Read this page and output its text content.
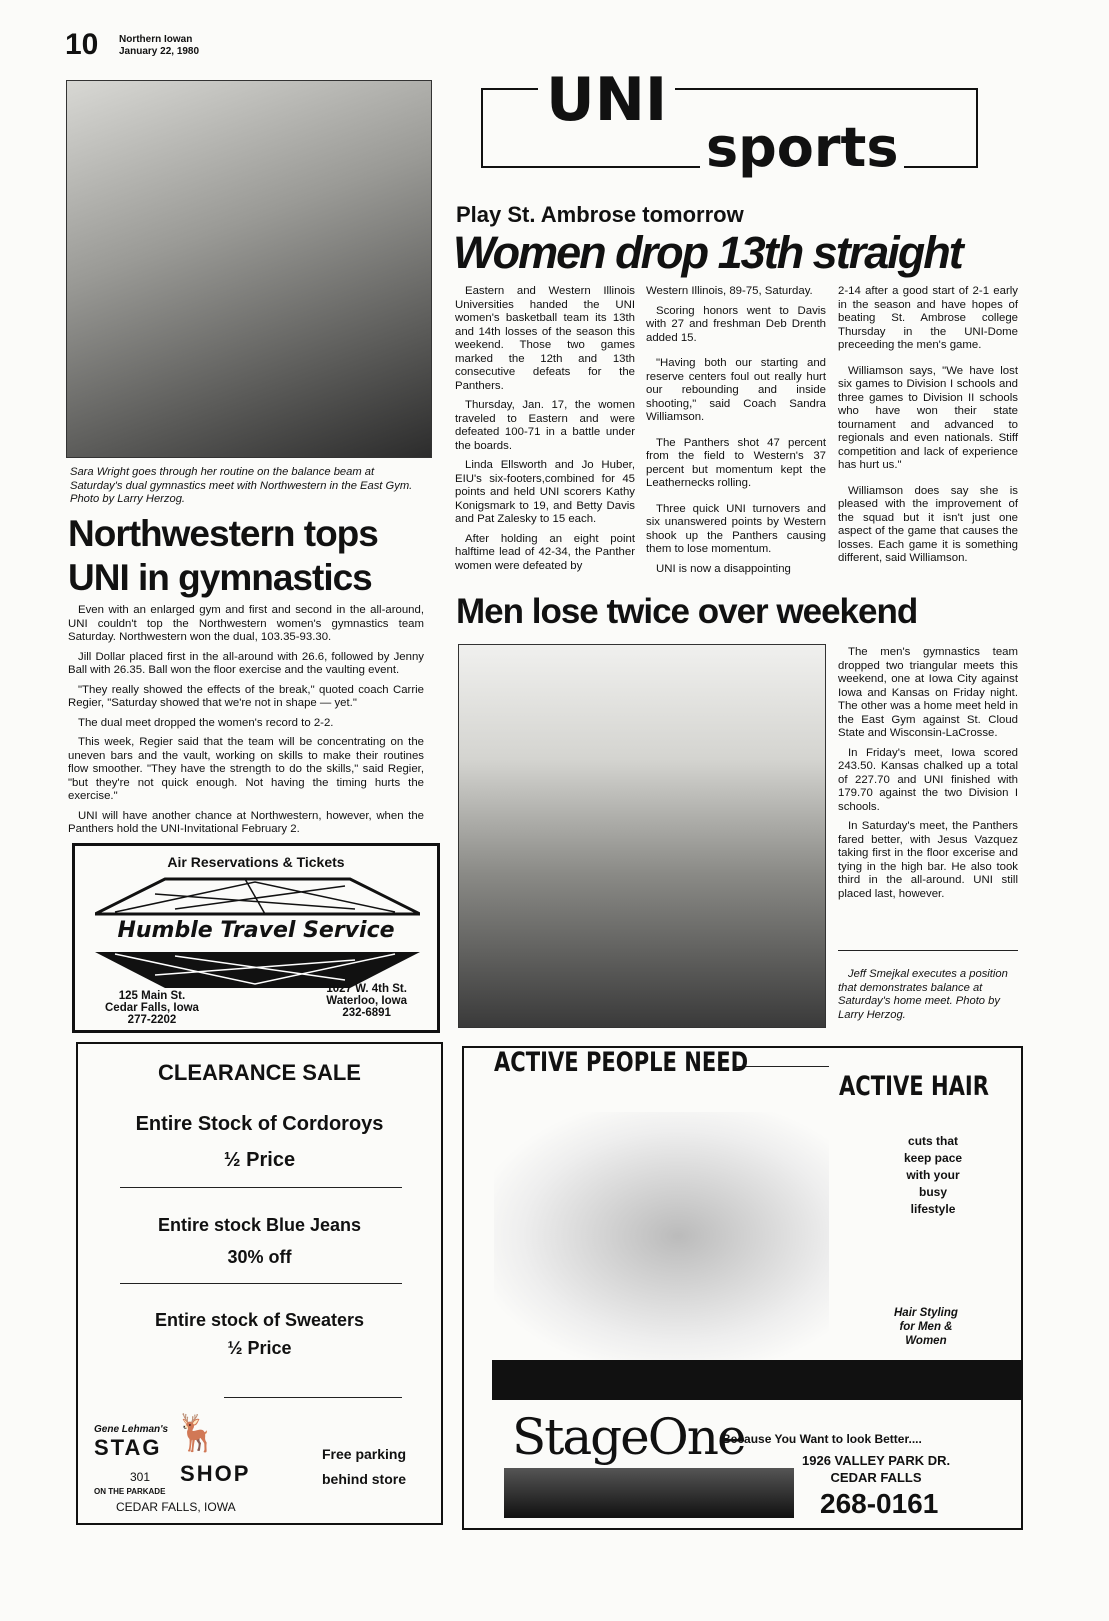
10 Northern Iowan
January 22, 1980
Sara Wright goes through her routine on the balance beam at Saturday's dual gymnastics meet with Northwestern in the East Gym. Photo by Larry Herzog.
Northwestern tops
UNI in gymnastics

Even with an enlarged gym and first and second in the all-around, UNI couldn't top the Northwestern women's gymnastics team Saturday. Northwestern won the dual, 103.35-93.30.

Jill Dollar placed first in the all-around with 26.6, followed by Jenny Ball with 26.35. Ball won the floor exercise and the vaulting event.

"They really showed the effects of the break," quoted coach Carrie Regier, "Saturday showed that we're not in shape — yet."

The dual meet dropped the women's record to 2-2.

This week, Regier said that the team will be concentrating on the uneven bars and the vault, working on skills to make their routines flow smoother. "They have the strength to do the skills," said Regier, "but they're not quick enough. Not having the timing hurts the exercise."

UNI will have another chance at Northwestern, however, when the Panthers hold the UNI-Invitational February 2.

Air Reservations & Tickets
Humble Travel Service
125 Main St.
Cedar Falls, Iowa
277-2202
1027 W. 4th St.
Waterloo, Iowa
232-6891
CLEARANCE SALE
Entire Stock of Cordoroys
½ Price
Entire stock Blue Jeans
30% off
Entire stock of Sweaters
½ Price
Gene Lehman's
STAG
301 SHOP
ON THE PARKADE
CEDAR FALLS, IOWA
🦌
Free parking
behind store
UNI
sports
Play St. Ambrose tomorrow
Women drop 13th straight

Eastern and Western Illinois Universities handed the UNI women's basketball team its 13th and 14th losses of the season this weekend. Those two games marked the 12th and 13th consecutive defeats for the Panthers.

Thursday, Jan. 17, the women traveled to Eastern and were defeated 100-71 in a battle under the boards.

Linda Ellsworth and Jo Huber, EIU's six-footers,combined for 45 points and held UNI scorers Kathy Konigsmark to 19, and Betty Davis and Pat Zalesky to 15 each.

After holding an eight point halftime lead of 42-34, the Panther women were defeated by

Western Illinois, 89-75, Saturday.

Scoring honors went to Davis with 27 and freshman Deb Drenth added 15.

"Having both our starting and reserve centers foul out really hurt our rebounding and inside shooting," said Coach Sandra Williamson.

The Panthers shot 47 percent from the field to Western's 37 percent but momentum kept the Leathernecks rolling.

Three quick UNI turnovers and six unanswered points by Western shook up the Panthers causing them to lose momentum.

UNI is now a disappointing

2-14 after a good start of 2-1 early in the season and have hopes of beating St. Ambrose college Thursday in the UNI-Dome preceeding the men's game.

Williamson says, "We have lost six games to Division I schools and three games to Division II schools who have won their state tournament and advanced to regionals and even nationals. Stiff competition and lack of experience has hurt us."

Williamson does say she is pleased with the improvement of the squad but it isn't just one aspect of the game that causes the losses. Each game it is something different, said Williamson.

Men lose twice over weekend

The men's gymnastics team dropped two triangular meets this weekend, one at Iowa City against Iowa and Kansas on Friday night. The other was a home meet held in the East Gym against St. Cloud State and Wisconsin-LaCrosse.

In Friday's meet, Iowa scored 243.50. Kansas chalked up a total of 227.70 and UNI finished with 179.70 against the two Division I schools.

In Saturday's meet, the Panthers fared better, with Jesus Vazquez taking first in the floor excerise and tying in the high bar. He also took third in the all-around. UNI still placed last, however.

Jeff Smejkal executes a position that demonstrates balance at Saturday's home meet. Photo by Larry Herzog.
ACTIVE PEOPLE NEED
ACTIVE HAIR
cuts that
keep pace
with your
busy
lifestyle
Hair Styling
for Men &
Women
StageOne
Because You Want to look Better....
1926 VALLEY PARK DR.
CEDAR FALLS
268-0161
